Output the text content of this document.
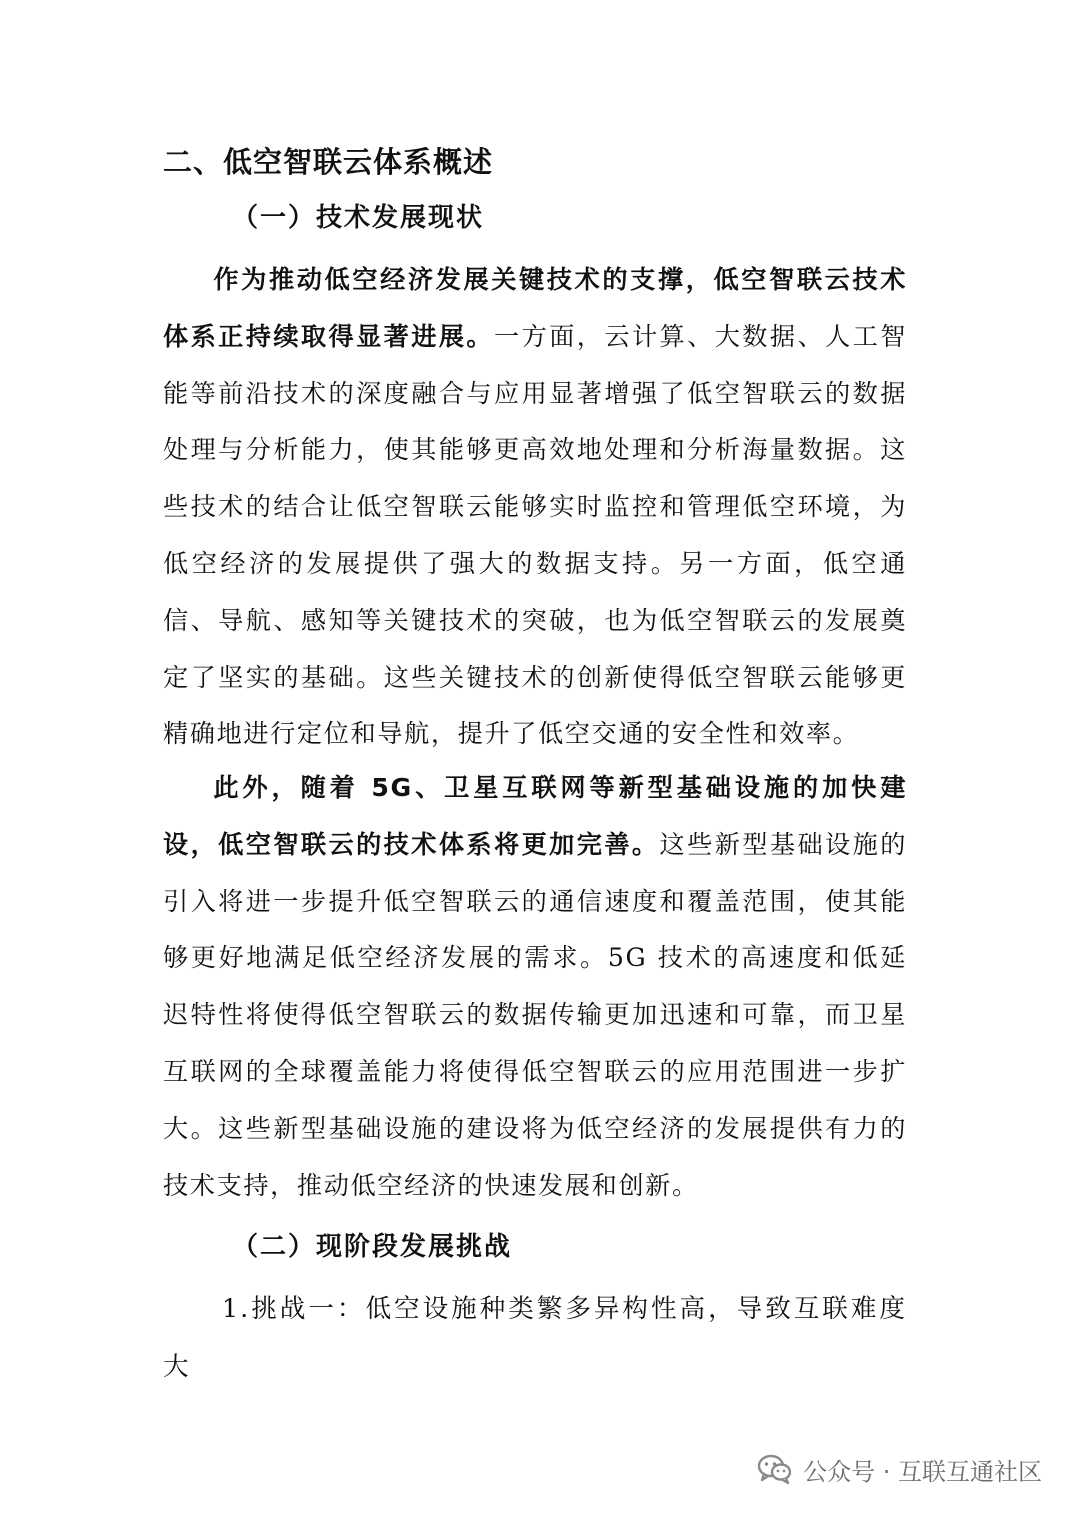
二、低空智联云体系概述
（一）技术发展现状

作为推动低空经济发展关键技术的支撑，低空智联云技术体系正持续取得显著进展。一方面，云计算、大数据、人工智能等前沿技术的深度融合与应用显著增强了低空智联云的数据处理与分析能力，使其能够更高效地处理和分析海量数据。这些技术的结合让低空智联云能够实时监控和管理低空环境，为低空经济的发展提供了强大的数据支持。另一方面，低空通信、导航、感知等关键技术的突破，也为低空智联云的发展奠定了坚实的基础。这些关键技术的创新使得低空智联云能够更精确地进行定位和导航，提升了低空交通的安全性和效率。

此外，随着 5G、卫星互联网等新型基础设施的加快建设，低空智联云的技术体系将更加完善。这些新型基础设施的引入将进一步提升低空智联云的通信速度和覆盖范围，使其能够更好地满足低空经济发展的需求。5G 技术的高速度和低延迟特性将使得低空智联云的数据传输更加迅速和可靠，而卫星互联网的全球覆盖能力将使得低空智联云的应用范围进一步扩大。这些新型基础设施的建设将为低空经济的发展提供有力的技术支持，推动低空经济的快速发展和创新。

（二）现阶段发展挑战

1.挑战一：低空设施种类繁多异构性高，导致互联难度大

公众号 · 互联互通社区
